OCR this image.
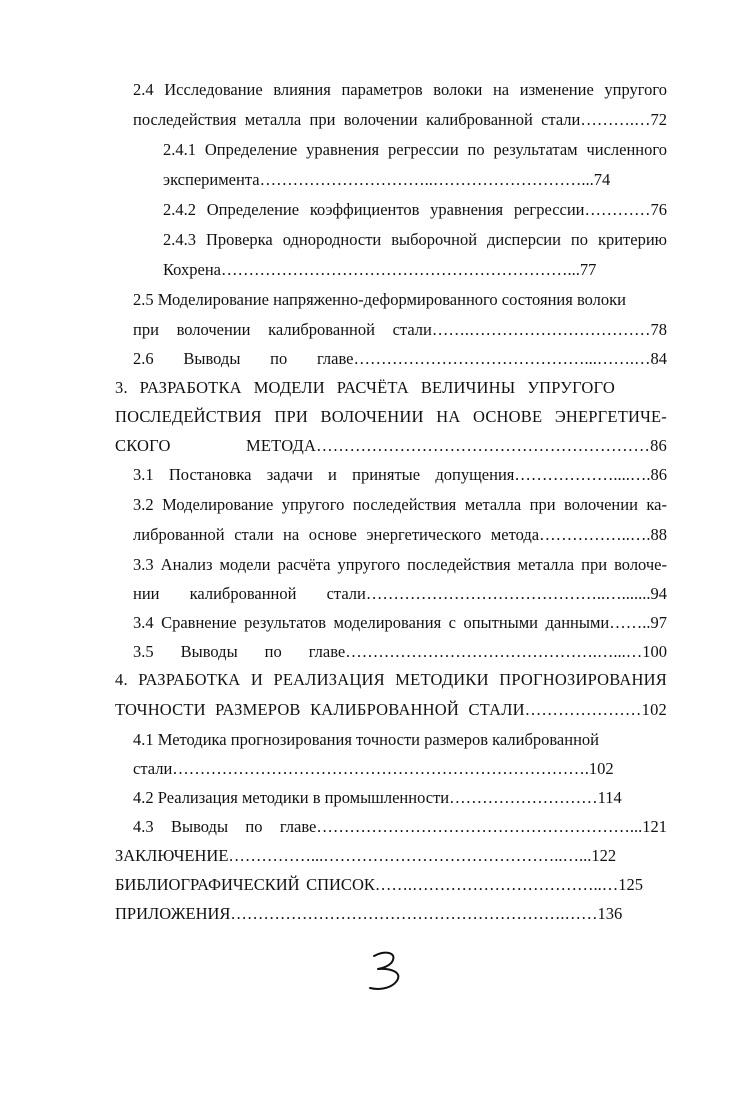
2.4 Исследование влияния параметров волоки на изменение упругого
последействия металла при волочении калиброванной стали……….…72
2.4.1 Определение уравнения регрессии по результатам численного
эксперимента…………………………..………………………...74
2.4.2 Определение коэффициентов уравнения регрессии…………76
2.4.3 Проверка однородности выборочной дисперсии по критерию
Кохрена………………………………………………………...77
2.5 Моделирование напряженно-деформированного состояния волоки
при волочении калиброванной стали…….……………………………78
2.6 Выводы по главе……………………………………...…….…84
3. РАЗРАБОТКА МОДЕЛИ РАСЧЁТА ВЕЛИЧИНЫ УПРУГОГО
ПОСЛЕДЕЙСТВИЯ ПРИ ВОЛОЧЕНИИ НА ОСНОВЕ ЭНЕРГЕТИЧЕ-
СКОГО МЕТОДА……………………………………………………86
3.1 Постановка задачи и принятые допущения………………....….86
3.2 Моделирование упругого последействия металла при волочении ка-
либрованной стали на основе энергетического метода……………..….88
3.3 Анализ модели расчёта упругого последействия металла при волоче-
нии калиброванной стали……………………………………..….......94
3.4 Сравнение результатов моделирования с опытными данными……..97
3.5 Выводы по главе……………………………………….…...…100
4. РАЗРАБОТКА И РЕАЛИЗАЦИЯ МЕТОДИКИ ПРОГНОЗИРОВАНИЯ
ТОЧНОСТИ РАЗМЕРОВ КАЛИБРОВАННОЙ СТАЛИ…………………102
4.1 Методика прогнозирования точности размеров калиброванной
стали………………………………………………………………….102
4.2 Реализация методики в промышленности………………………114
4.3 Выводы по главе…………………………………………………...121
ЗАКЛЮЧЕНИЕ……………...……………………………………..…...122
БИБЛИОГРАФИЧЕСКИЙ СПИСОК…….……………………………..…125
ПРИЛОЖЕНИЯ…………………………………………………….……136
